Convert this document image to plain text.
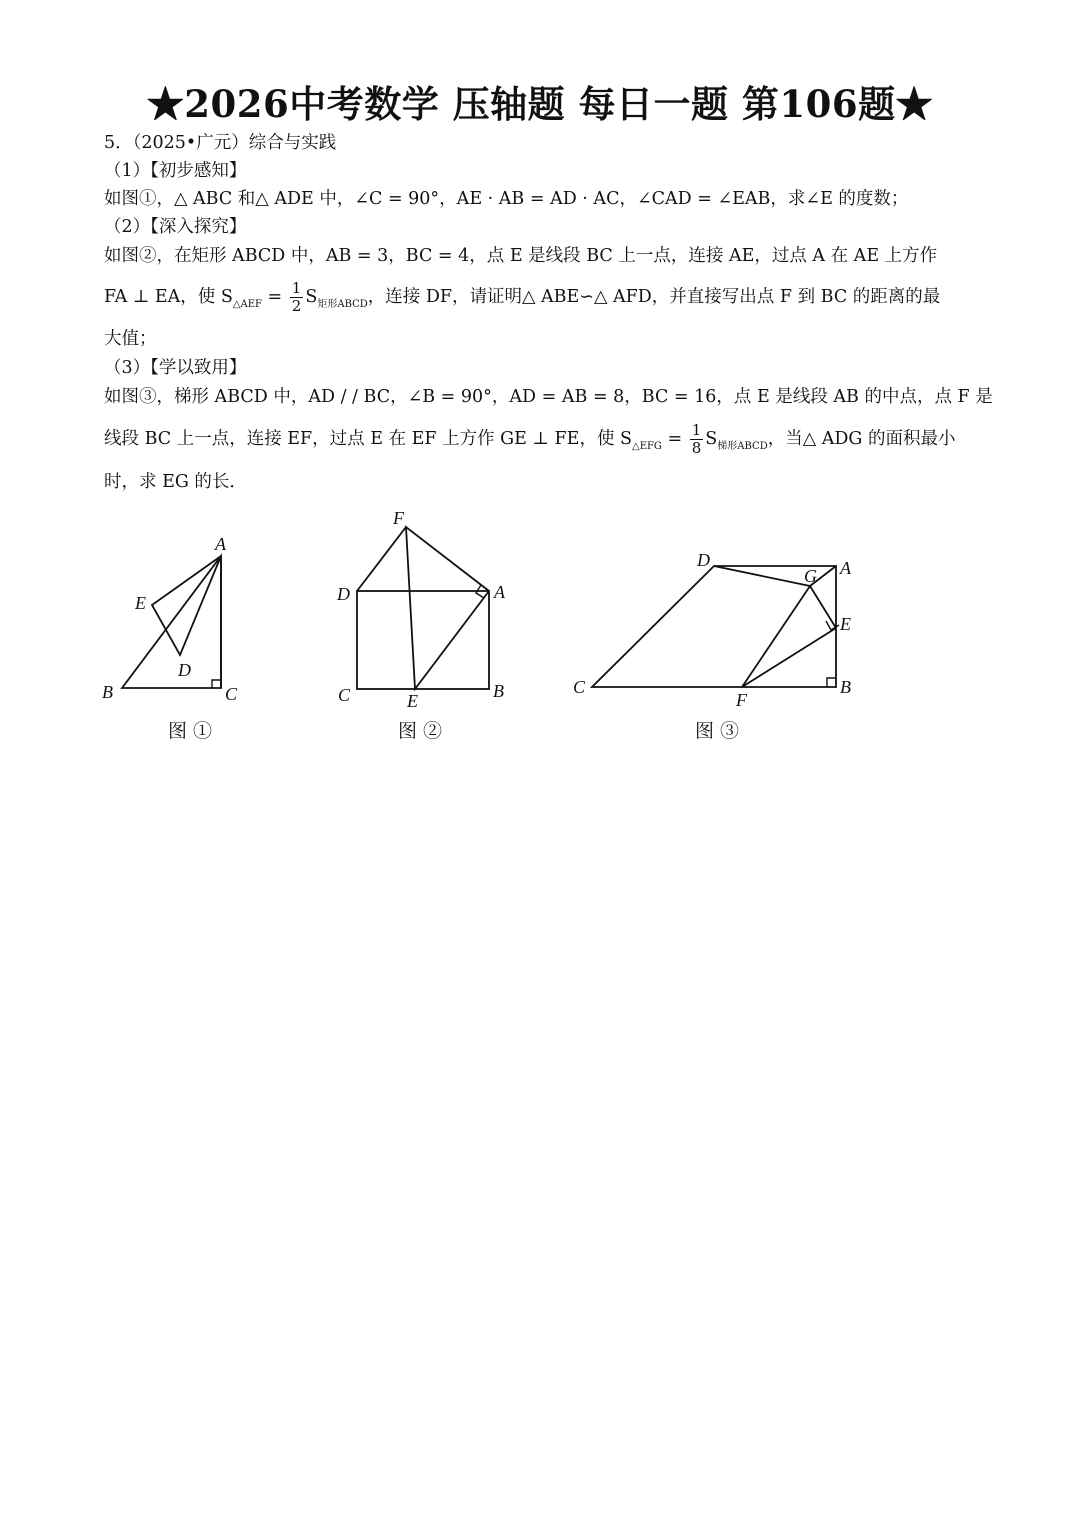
★2026中考数学 压轴题 每日一题 第106题★
5．（2025•广元）综合与实践
（1）【初步感知】
如图①，△ ABC 和△ ADE 中，∠C = 90°，AE · AB = AD · AC，∠CAD = ∠EAB，求∠E 的度数；
（2）【深入探究】
如图②，在矩形 ABCD 中，AB = 3，BC = 4，点 E 是线段 BC 上一点，连接 AE，过点 A 在 AE 上方作
FA ⊥ EA，使 $S_{\triangle AEF} = \frac{1}{2} S_{矩形ABCD}$，连接 DF，请证明△ ABE∽△ AFD，并直接写出点 F 到 BC 的距离的最
大值；
（3）【学以致用】
如图③，梯形 ABCD 中，AD / / BC，∠B = 90°，AD = AB = 8，BC = 16，点 E 是线段 AB 的中点，点 F 是
线段 BC 上一点，连接 EF，过点 E 在 EF 上方作 GE ⊥ FE，使 $S_{\triangle EFG} = \frac{1}{8} S_{梯形ABCD}$，当△ ADG 的面积最小
时，求 EG 的长．
A
B	C
D
E
F
D	A
C	E	B
D
G A
E
C
F
B
图 ①	图 ②	图 ③
